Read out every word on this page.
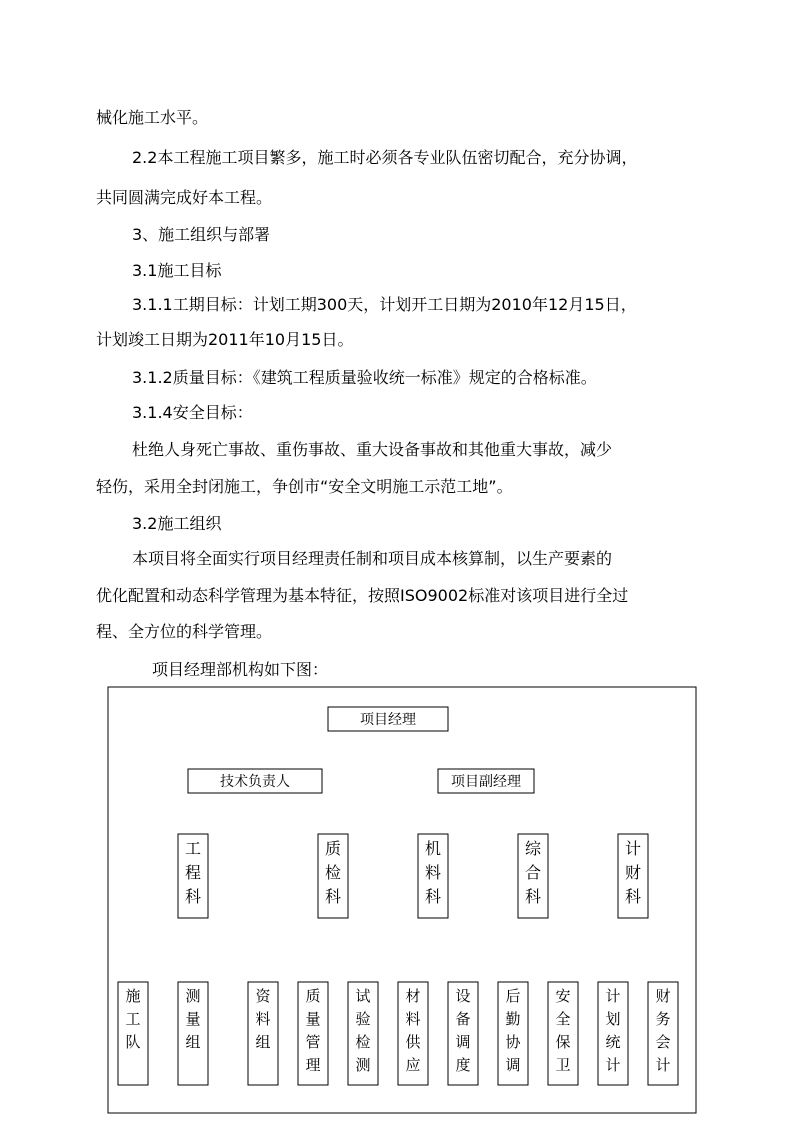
械化施工水平。
2.2本工程施工项目繁多，施工时必须各专业队伍密切配合，充分协调，
共同圆满完成好本工程。
3、施工组织与部署
3.1施工目标
3.1.1工期目标：计划工期300天，计划开工日期为2010年12月15日，
计划竣工日期为2011年10月15日。
3.1.2质量目标：《建筑工程质量验收统一标准》规定的合格标准。
3.1.4安全目标：
杜绝人身死亡事故、重伤事故、重大设备事故和其他重大事故，减少
轻伤，采用全封闭施工，争创市“安全文明施工示范工地”。
3.2施工组织
本项目将全面实行项目经理责任制和项目成本核算制，以生产要素的
优化配置和动态科学管理为基本特征，按照ISO9002标准对该项目进行全过
程、全方位的科学管理。
项目经理部机构如下图：
项目经理
技术负责人	项目副经理
工程科
质检科
机料科
综合科
计财科
施工队
测量组
资料组
质量管理
试验检测
材料供应
设备调度
后勤协调
安全保卫
计划统计
财务会计
